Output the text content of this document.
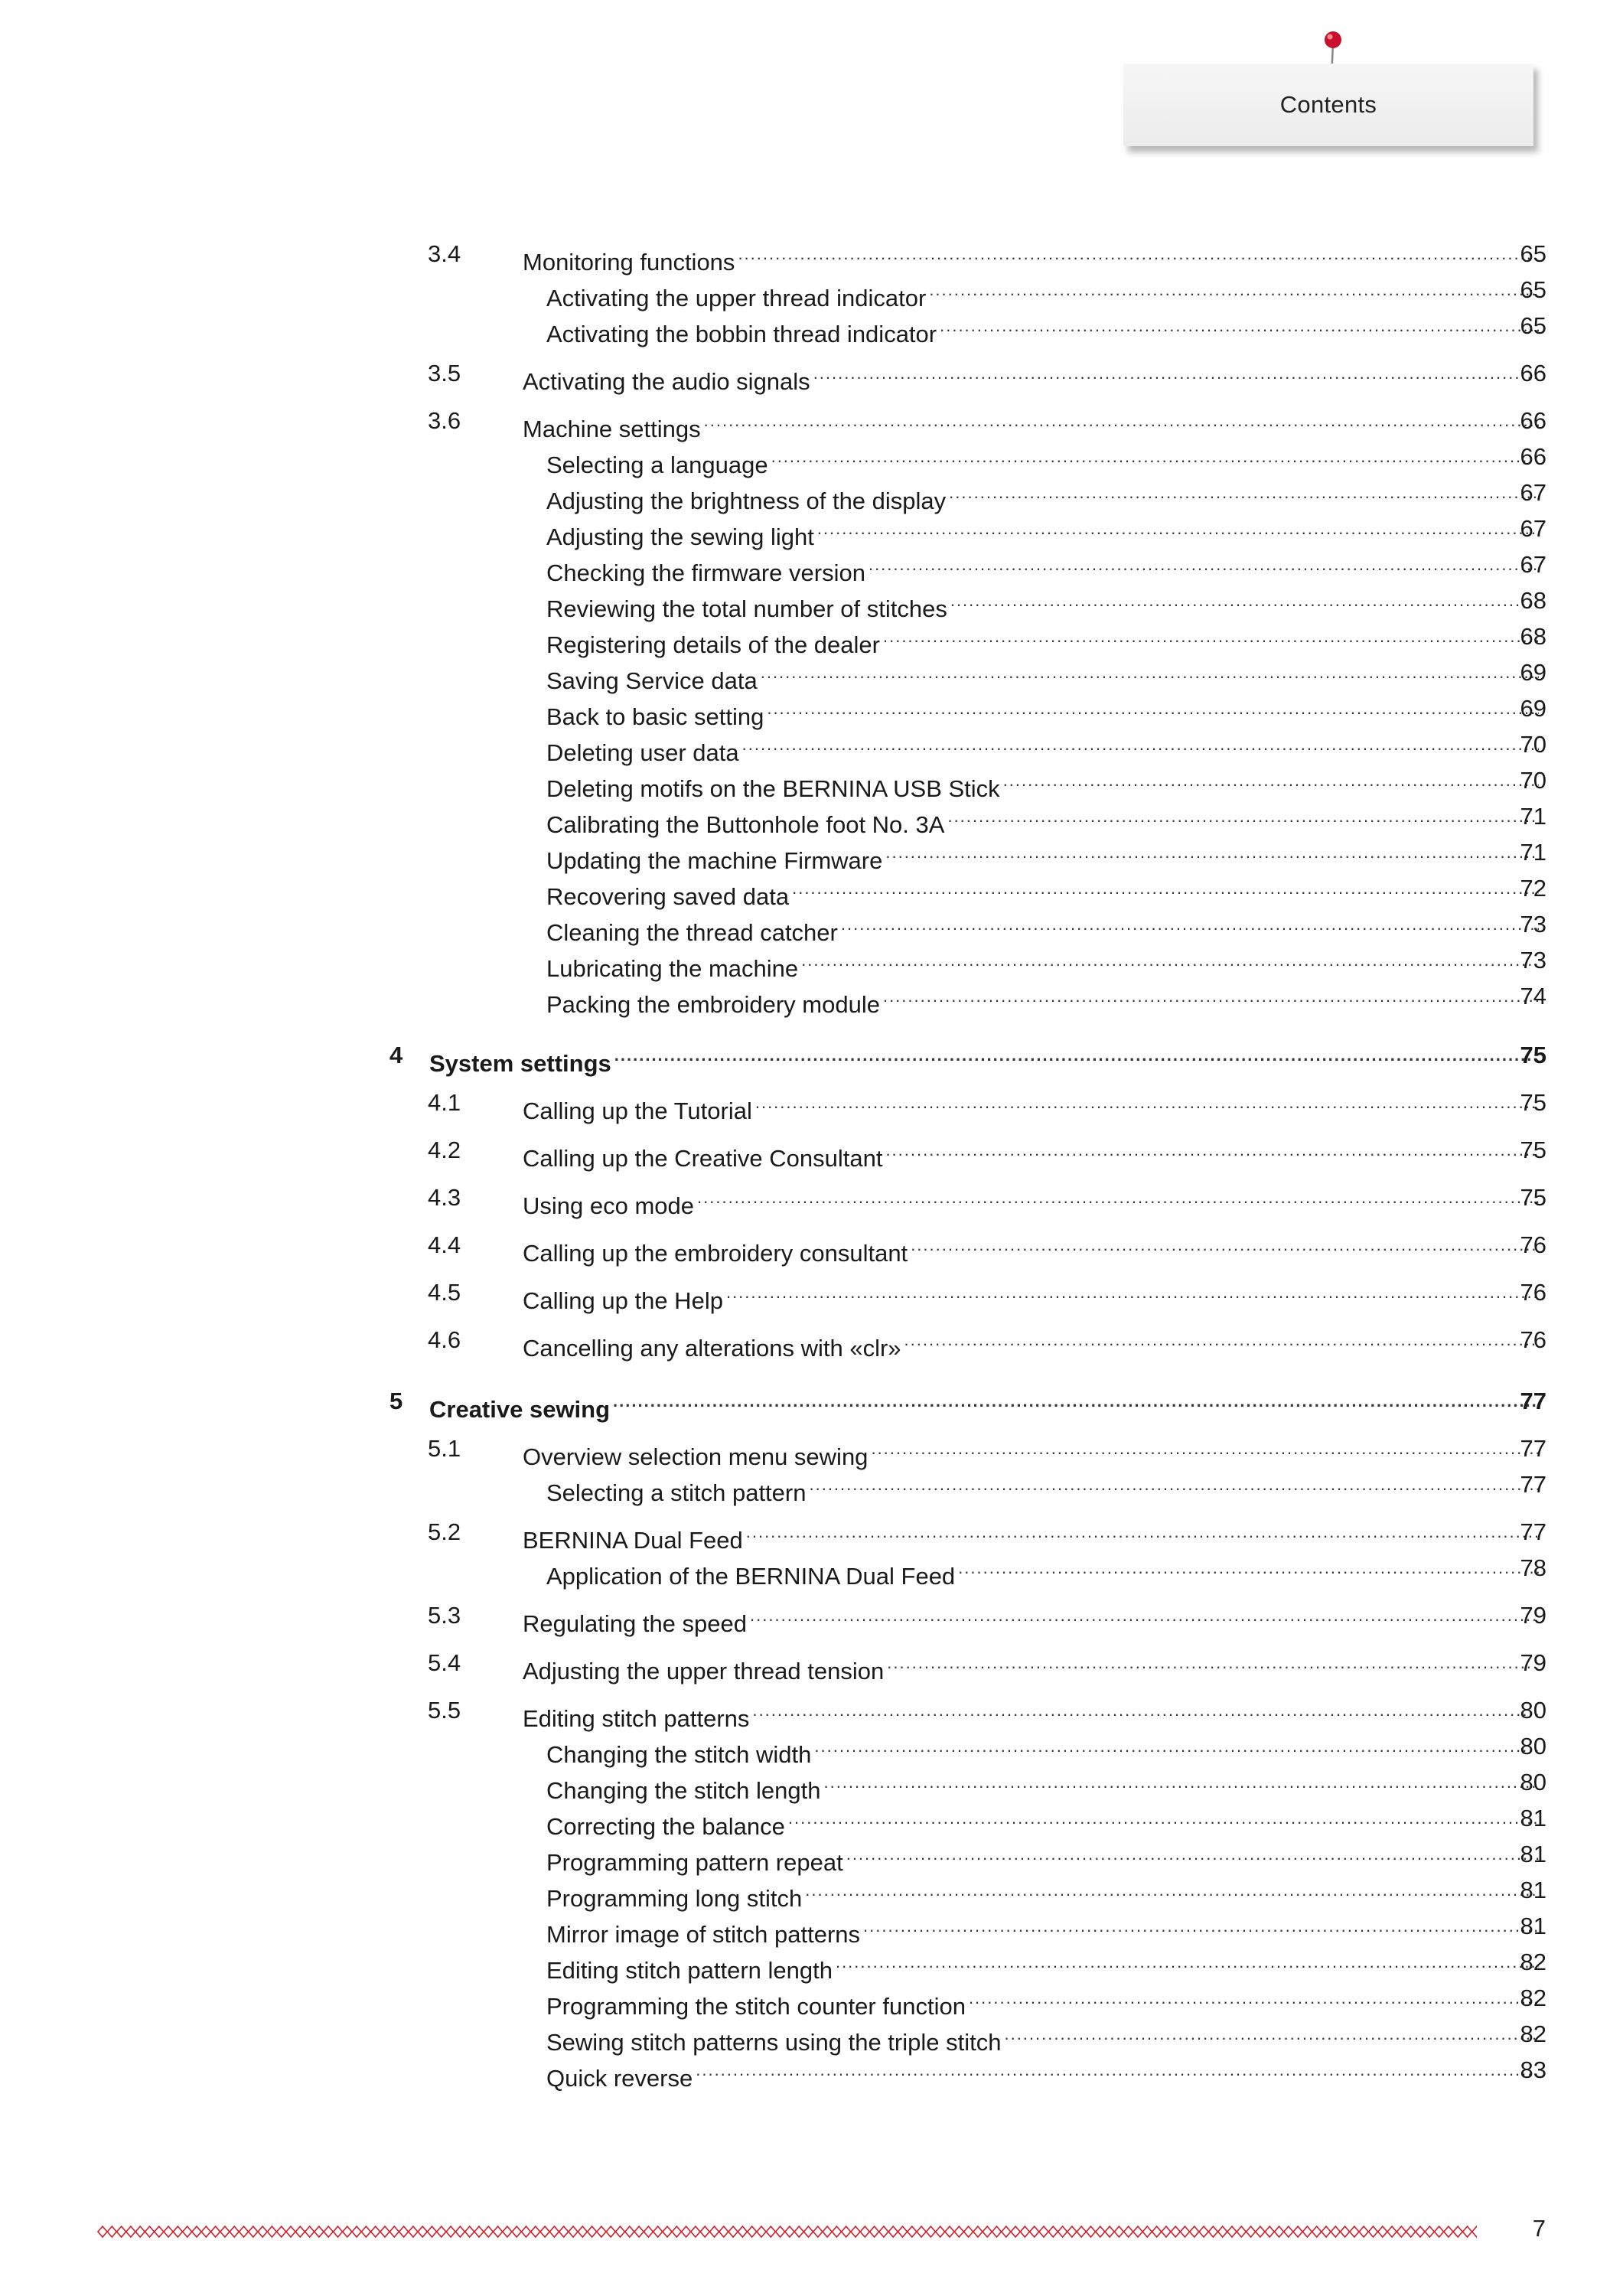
Contents
3.4	Monitoring functions .....	65
Activating the upper thread indicator .....	65
Activating the bobbin thread indicator .....	65
3.5	Activating the audio signals .....	66
3.6	Machine settings .....	66
Selecting a language .....	66
Adjusting the brightness of the display .....	67
Adjusting the sewing light .....	67
Checking the firmware version .....	67
Reviewing the total number of stitches .....	68
Registering details of the dealer .....	68
Saving Service data .....	69
Back to basic setting .....	69
Deleting user data .....	70
Deleting motifs on the BERNINA USB Stick .....	70
Calibrating the Buttonhole foot No. 3A .....	71
Updating the machine Firmware .....	71
Recovering saved data .....	72
Cleaning the thread catcher .....	73
Lubricating the machine .....	73
Packing the embroidery module .....	74
4 System settings .....	75
4.1	Calling up the Tutorial .....	75
4.2	Calling up the Creative Consultant .....	75
4.3	Using eco mode .....	75
4.4	Calling up the embroidery consultant .....	76
4.5	Calling up the Help .....	76
4.6	Cancelling any alterations with «clr» .....	76
5 Creative sewing .....	77
5.1	Overview selection menu sewing .....	77
Selecting a stitch pattern .....	77
5.2	BERNINA Dual Feed .....	77
Application of the BERNINA Dual Feed .....	78
5.3	Regulating the speed .....	79
5.4	Adjusting the upper thread tension .....	79
5.5	Editing stitch patterns .....	80
Changing the stitch width .....	80
Changing the stitch length .....	80
Correcting the balance .....	81
Programming pattern repeat .....	81
Programming long stitch .....	81
Mirror image of stitch patterns .....	81
Editing stitch pattern length .....	82
Programming the stitch counter function .....	82
Sewing stitch patterns using the triple stitch .....	82
Quick reverse .....	83
7
